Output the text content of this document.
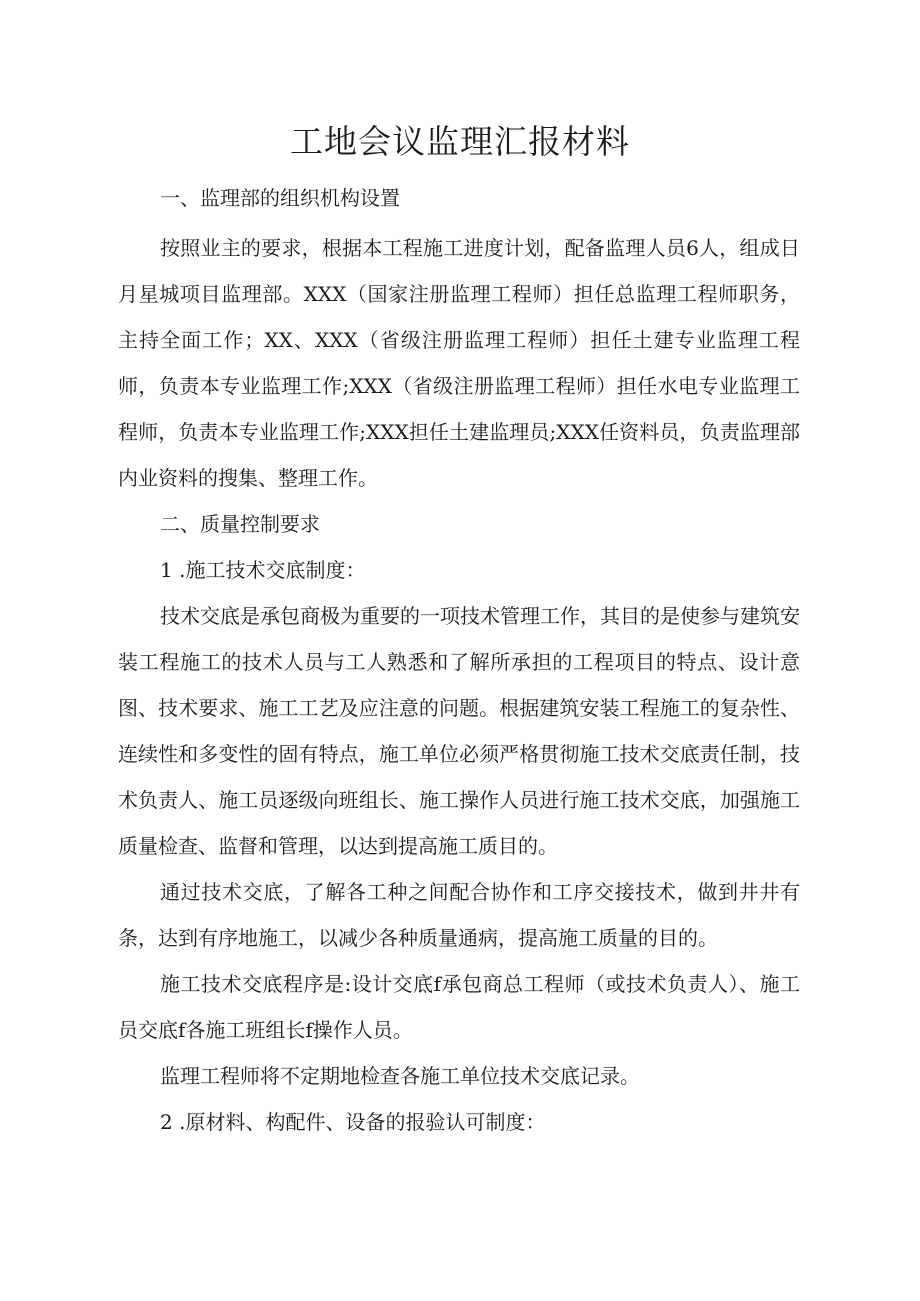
工地会议监理汇报材料

一、监理部的组织机构设置

按照业主的要求，根据本工程施工进度计划，配备监理人员6人，组成日月星城项目监理部。XXX（国家注册监理工程师）担任总监理工程师职务，主持全面工作；XX、XXX（省级注册监理工程师）担任土建专业监理工程师，负责本专业监理工作;XXX（省级注册监理工程师）担任水电专业监理工程师，负责本专业监理工作;XXX担任土建监理员;XXX任资料员，负责监理部内业资料的搜集、整理工作。

二、质量控制要求

1 .施工技术交底制度：

技术交底是承包商极为重要的一项技术管理工作，其目的是使参与建筑安装工程施工的技术人员与工人熟悉和了解所承担的工程项目的特点、设计意图、技术要求、施工工艺及应注意的问题。根据建筑安装工程施工的复杂性、连续性和多变性的固有特点，施工单位必须严格贯彻施工技术交底责任制，技术负责人、施工员逐级向班组长、施工操作人员进行施工技术交底，加强施工质量检查、监督和管理，以达到提高施工质目的。

通过技术交底，了解各工种之间配合协作和工序交接技术，做到井井有条，达到有序地施工，以减少各种质量通病，提高施工质量的目的。

施工技术交底程序是:设计交底f承包商总工程师（或技术负责人）、施工员交底f各施工班组长f操作人员。

监理工程师将不定期地检查各施工单位技术交底记录。

2 .原材料、构配件、设备的报验认可制度：
